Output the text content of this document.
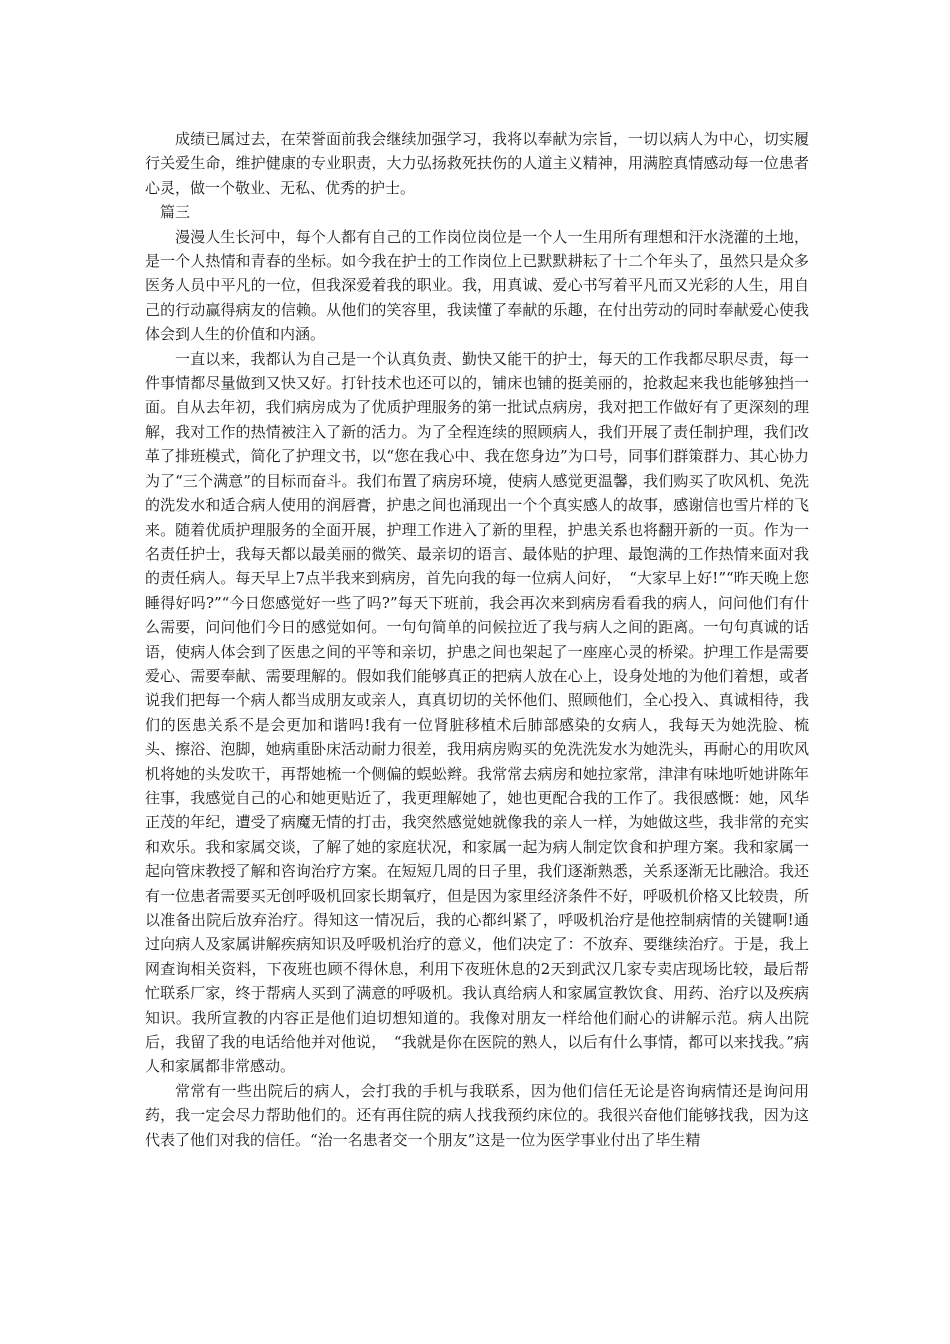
成绩已属过去，在荣誉面前我会继续加强学习，我将以奉献为宗旨，一切以病人为中心，切实履行关爱生命，维护健康的专业职责，大力弘扬救死扶伤的人道主义精神，用满腔真情感动每一位患者心灵，做一个敬业、无私、优秀的护士。

篇三

漫漫人生长河中，每个人都有自己的工作岗位岗位是一个人一生用所有理想和汗水浇灌的土地，是一个人热情和青春的坐标。如今我在护士的工作岗位上已默默耕耘了十二个年头了，虽然只是众多医务人员中平凡的一位，但我深爱着我的职业。我，用真诚、爱心书写着平凡而又光彩的人生，用自己的行动赢得病友的信赖。从他们的笑容里，我读懂了奉献的乐趣，在付出劳动的同时奉献爱心使我体会到人生的价值和内涵。

一直以来，我都认为自己是一个认真负责、勤快又能干的护士，每天的工作我都尽职尽责，每一件事情都尽量做到又快又好。打针技术也还可以的，铺床也铺的挺美丽的，抢救起来我也能够独挡一面。自从去年初，我们病房成为了优质护理服务的第一批试点病房，我对把工作做好有了更深刻的理解，我对工作的热情被注入了新的活力。为了全程连续的照顾病人，我们开展了责任制护理，我们改革了排班模式，简化了护理文书，以“您在我心中、我在您身边”为口号，同事们群策群力、其心协力为了“三个满意”的目标而奋斗。我们布置了病房环境，使病人感觉更温馨，我们购买了吹风机、免洗的洗发水和适合病人使用的润唇膏，护患之间也涌现出一个个真实感人的故事，感谢信也雪片样的飞来。随着优质护理服务的全面开展，护理工作进入了新的里程，护患关系也将翻开新的一页。作为一名责任护士，我每天都以最美丽的微笑、最亲切的语言、最体贴的护理、最饱满的工作热情来面对我的责任病人。每天早上7点半我来到病房，首先向我的每一位病人问好，　“大家早上好!”“昨天晚上您睡得好吗?”“今日您感觉好一些了吗?”每天下班前，我会再次来到病房看看我的病人，问问他们有什么需要，问问他们今日的感觉如何。一句句简单的问候拉近了我与病人之间的距离。一句句真诚的话语，使病人体会到了医患之间的平等和亲切，护患之间也架起了一座座心灵的桥梁。护理工作是需要爱心、需要奉献、需要理解的。假如我们能够真正的把病人放在心上，设身处地的为他们着想，或者说我们把每一个病人都当成朋友或亲人，真真切切的关怀他们、照顾他们，全心投入、真诚相待，我们的医患关系不是会更加和谐吗!我有一位肾脏移植术后肺部感染的女病人，我每天为她洗脸、梳头、擦浴、泡脚，她病重卧床活动耐力很差，我用病房购买的免洗洗发水为她洗头，再耐心的用吹风机将她的头发吹干，再帮她梳一个侧偏的蜈蚣辫。我常常去病房和她拉家常，津津有味地听她讲陈年往事，我感觉自己的心和她更贴近了，我更理解她了，她也更配合我的工作了。我很感慨：她，风华正茂的年纪，遭受了病魔无情的打击，我突然感觉她就像我的亲人一样，为她做这些，我非常的充实和欢乐。我和家属交谈，了解了她的家庭状况，和家属一起为病人制定饮食和护理方案。我和家属一起向管床教授了解和咨询治疗方案。在短短几周的日子里，我们逐渐熟悉，关系逐渐无比融洽。我还有一位患者需要买无创呼吸机回家长期氧疗，但是因为家里经济条件不好，呼吸机价格又比较贵，所以准备出院后放弃治疗。得知这一情况后，我的心都纠紧了，呼吸机治疗是他控制病情的关键啊!通过向病人及家属讲解疾病知识及呼吸机治疗的意义，他们决定了：不放弃、要继续治疗。于是，我上网查询相关资料，下夜班也顾不得休息，利用下夜班休息的2天到武汉几家专卖店现场比较，最后帮忙联系厂家，终于帮病人买到了满意的呼吸机。我认真给病人和家属宣教饮食、用药、治疗以及疾病知识。我所宣教的内容正是他们迫切想知道的。我像对朋友一样给他们耐心的讲解示范。病人出院后，我留了我的电话给他并对他说，　“我就是你在医院的熟人，以后有什么事情，都可以来找我。”病人和家属都非常感动。

常常有一些出院后的病人，会打我的手机与我联系，因为他们信任无论是咨询病情还是询问用药，我一定会尽力帮助他们的。还有再住院的病人找我预约床位的。我很兴奋他们能够找我，因为这代表了他们对我的信任。“治一名患者交一个朋友”这是一位为医学事业付出了毕生精
